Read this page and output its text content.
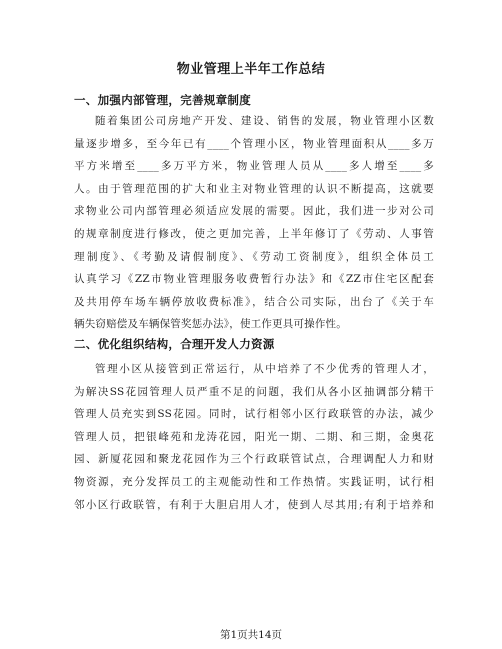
物业管理上半年工作总结
一、加强内部管理，完善规章制度
随着集团公司房地产开发、建设、销售的发展，物业管理小区数
量逐步增多，至今年已有____个管理小区，物业管理面积从____多万
平方米增至____多万平方米，物业管理人员从____多人增至____多
人。由于管理范围的扩大和业主对物业管理的认识不断提高，这就要
求物业公司内部管理必须适应发展的需要。因此，我们进一步对公司
的规章制度进行修改，使之更加完善，上半年修订了《劳动、人事管
理制度》、《考勤及请假制度》、《劳动工资制度》，组织全体员工
认真学习《ZZ市物业管理服务收费暂行办法》和《ZZ市住宅区配套
及共用停车场车辆停放收费标准》，结合公司实际，出台了《关于车
辆失窃赔偿及车辆保管奖惩办法》，使工作更具可操作性。
二、优化组织结构，合理开发人力资源
管理小区从接管到正常运行，从中培养了不少优秀的管理人才，
为解决SS花园管理人员严重不足的问题，我们从各小区抽调部分精干
管理人员充实到SS花园。同时，试行相邻小区行政联管的办法，减少
管理人员，把银峰苑和龙涛花园，阳光一期、二期、和三期，金奥花
园、新厦花园和聚龙花园作为三个行政联管试点，合理调配人力和财
物资源，充分发挥员工的主观能动性和工作热情。实践证明，试行相
邻小区行政联管，有利于大胆启用人才，使到人尽其用;有利于培养和
第1页共14页
